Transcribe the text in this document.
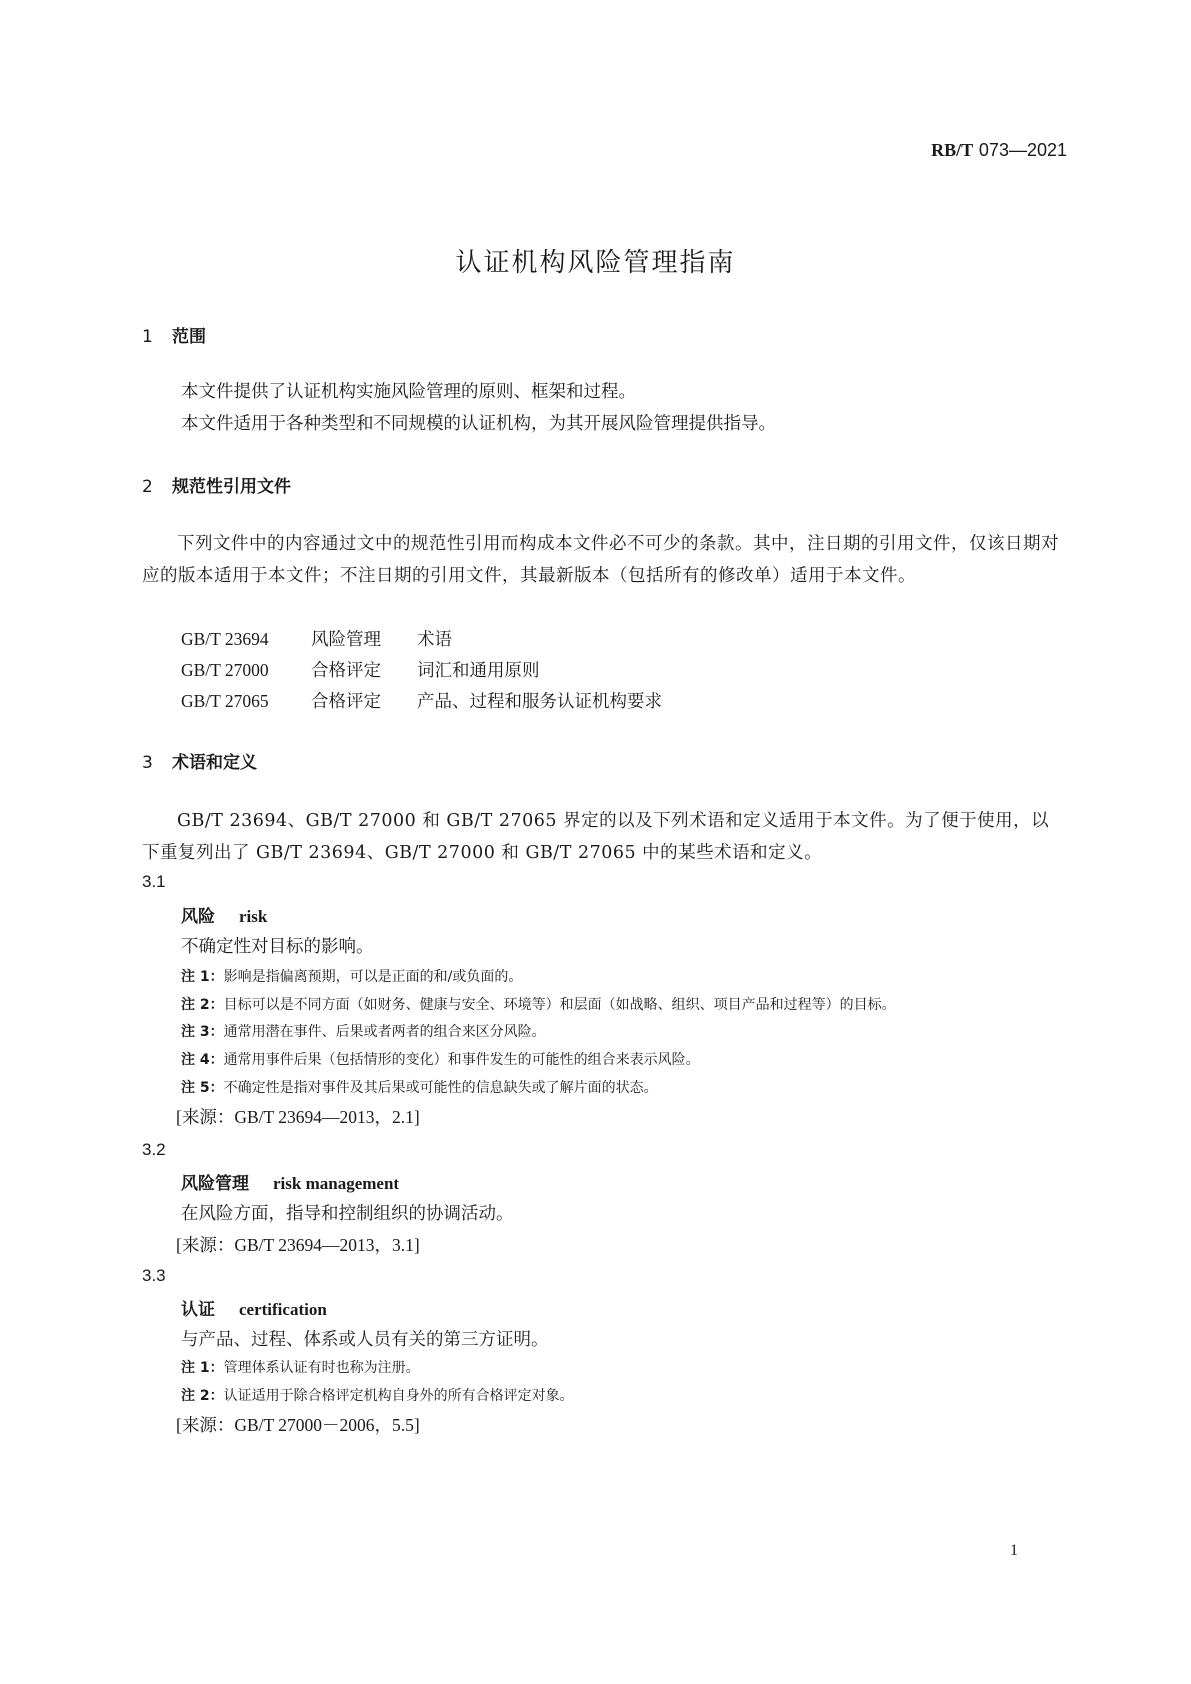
RB/T 073—2021
认证机构风险管理指南
1 范围
本文件提供了认证机构实施风险管理的原则、框架和过程。
本文件适用于各种类型和不同规模的认证机构，为其开展风险管理提供指导。
2 规范性引用文件
下列文件中的内容通过文中的规范性引用而构成本文件必不可少的条款。其中，注日期的引用文件，仅该日期对应的版本适用于本文件；不注日期的引用文件，其最新版本（包括所有的修改单）适用于本文件。
GB/T 23694 风险管理 术语
GB/T 27000 合格评定 词汇和通用原则
GB/T 27065 合格评定 产品、过程和服务认证机构要求
3 术语和定义
GB/T 23694、GB/T 27000 和 GB/T 27065 界定的以及下列术语和定义适用于本文件。为了便于使用，以下重复列出了 GB/T 23694、GB/T 27000 和 GB/T 27065 中的某些术语和定义。
3.1
风险 risk
不确定性对目标的影响。
注 1：影响是指偏离预期，可以是正面的和/或负面的。
注 2：目标可以是不同方面（如财务、健康与安全、环境等）和层面（如战略、组织、项目产品和过程等）的目标。
注 3：通常用潜在事件、后果或者两者的组合来区分风险。
注 4：通常用事件后果（包括情形的变化）和事件发生的可能性的组合来表示风险。
注 5：不确定性是指对事件及其后果或可能性的信息缺失或了解片面的状态。
[来源：GB/T 23694—2013，2.1]
3.2
风险管理 risk management
在风险方面，指导和控制组织的协调活动。
[来源：GB/T 23694—2013，3.1]
3.3
认证 certification
与产品、过程、体系或人员有关的第三方证明。
注 1：管理体系认证有时也称为注册。
注 2：认证适用于除合格评定机构自身外的所有合格评定对象。
[来源：GB/T 27000－2006，5.5]
1
